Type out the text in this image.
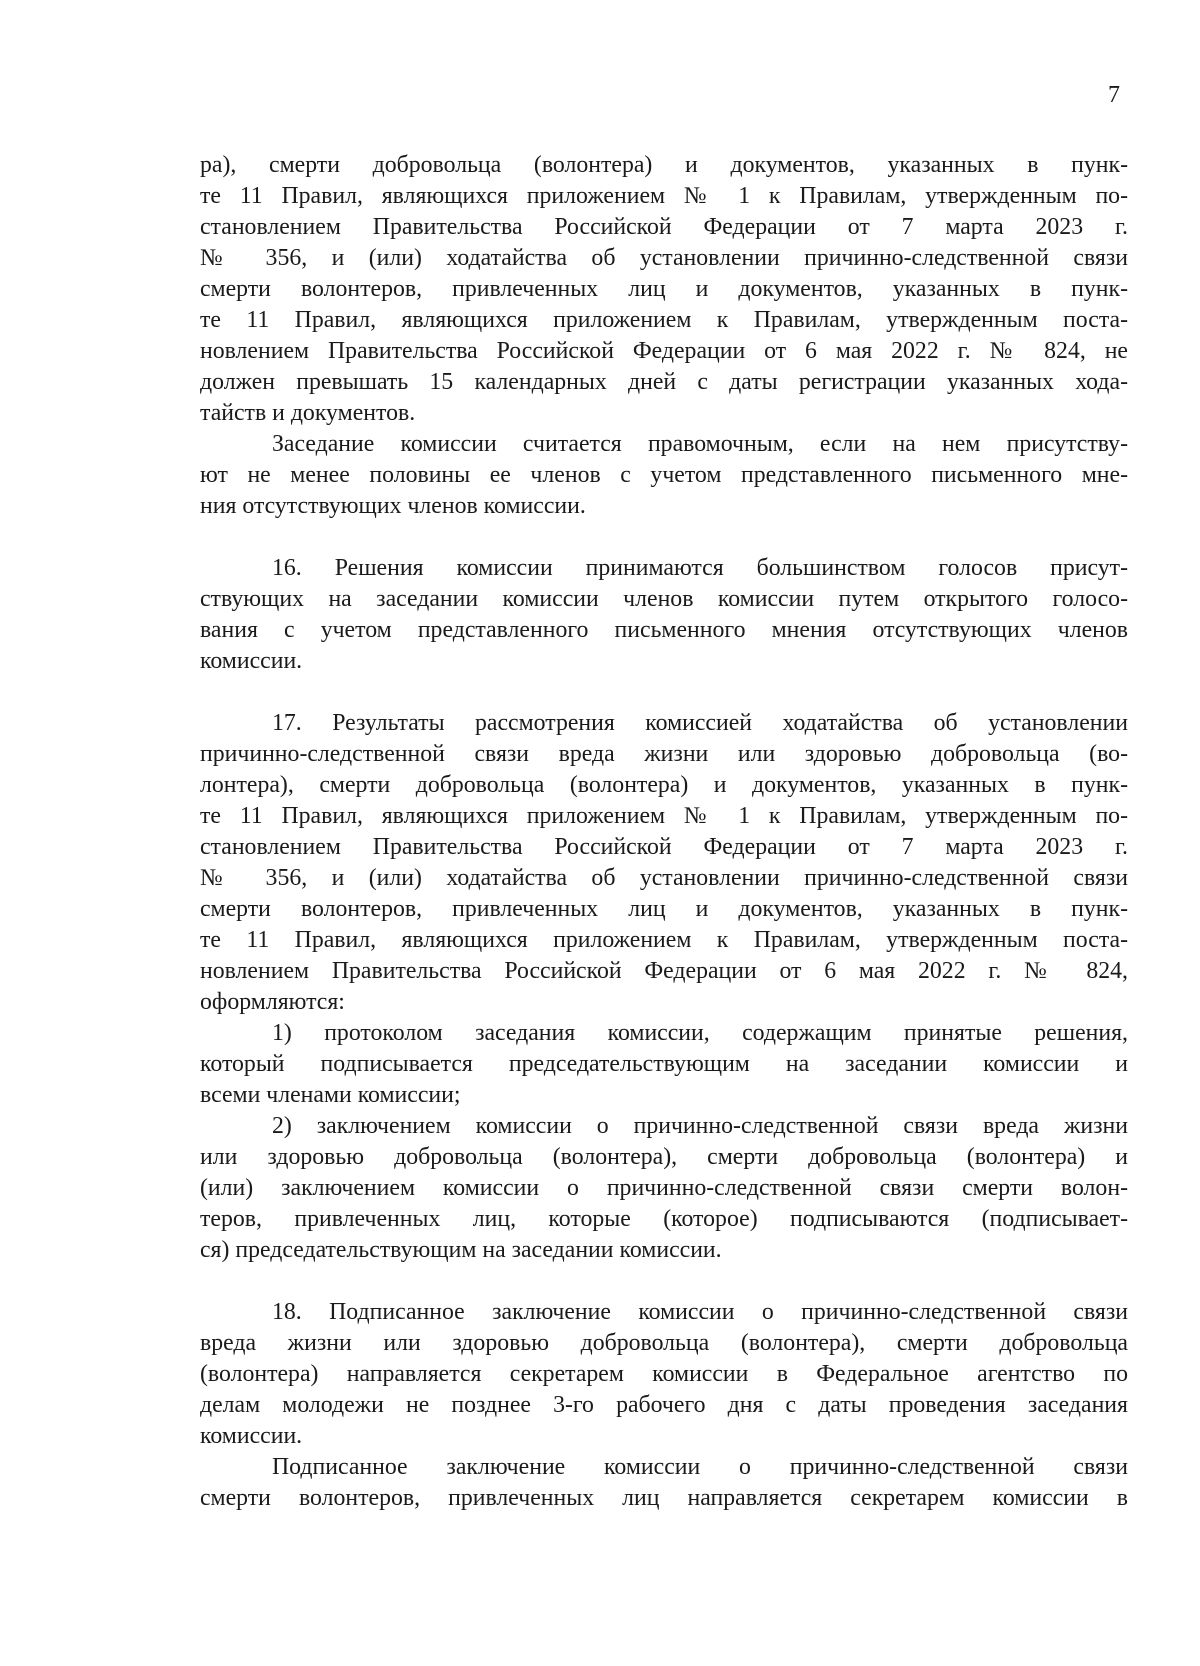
7
ра), смерти добровольца (волонтера) и документов, указанных в пунк-
те 11 Правил, являющихся приложением № 1 к Правилам, утвержденным по-
становлением Правительства Российской Федерации от 7 марта 2023 г.
№ 356, и (или) ходатайства об установлении причинно-следственной связи
смерти волонтеров, привлеченных лиц и документов, указанных в пунк-
те 11 Правил, являющихся приложением к Правилам, утвержденным поста-
новлением Правительства Российской Федерации от 6 мая 2022 г. № 824, не
должен превышать 15 календарных дней с даты регистрации указанных хода-
тайств и документов.
Заседание комиссии считается правомочным, если на нем присутству-
ют не менее половины ее членов с учетом представленного письменного мне-
ния отсутствующих членов комиссии.
16. Решения комиссии принимаются большинством голосов присут-
ствующих на заседании комиссии членов комиссии путем открытого голосо-
вания с учетом представленного письменного мнения отсутствующих членов
комиссии.
17. Результаты рассмотрения комиссией ходатайства об установлении
причинно-следственной связи вреда жизни или здоровью добровольца (во-
лонтера), смерти добровольца (волонтера) и документов, указанных в пунк-
те 11 Правил, являющихся приложением № 1 к Правилам, утвержденным по-
становлением Правительства Российской Федерации от 7 марта 2023 г.
№ 356, и (или) ходатайства об установлении причинно-следственной связи
смерти волонтеров, привлеченных лиц и документов, указанных в пунк-
те 11 Правил, являющихся приложением к Правилам, утвержденным поста-
новлением Правительства Российской Федерации от 6 мая 2022 г. № 824,
оформляются:
1) протоколом заседания комиссии, содержащим принятые решения,
который подписывается председательствующим на заседании комиссии и
всеми членами комиссии;
2) заключением комиссии о причинно-следственной связи вреда жизни
или здоровью добровольца (волонтера), смерти добровольца (волонтера) и
(или) заключением комиссии о причинно-следственной связи смерти волон-
теров, привлеченных лиц, которые (которое) подписываются (подписывает-
ся) председательствующим на заседании комиссии.
18. Подписанное заключение комиссии о причинно-следственной связи
вреда жизни или здоровью добровольца (волонтера), смерти добровольца
(волонтера) направляется секретарем комиссии в Федеральное агентство по
делам молодежи не позднее 3-го рабочего дня с даты проведения заседания
комиссии.
Подписанное заключение комиссии о причинно-следственной связи
смерти волонтеров, привлеченных лиц направляется секретарем комиссии в
